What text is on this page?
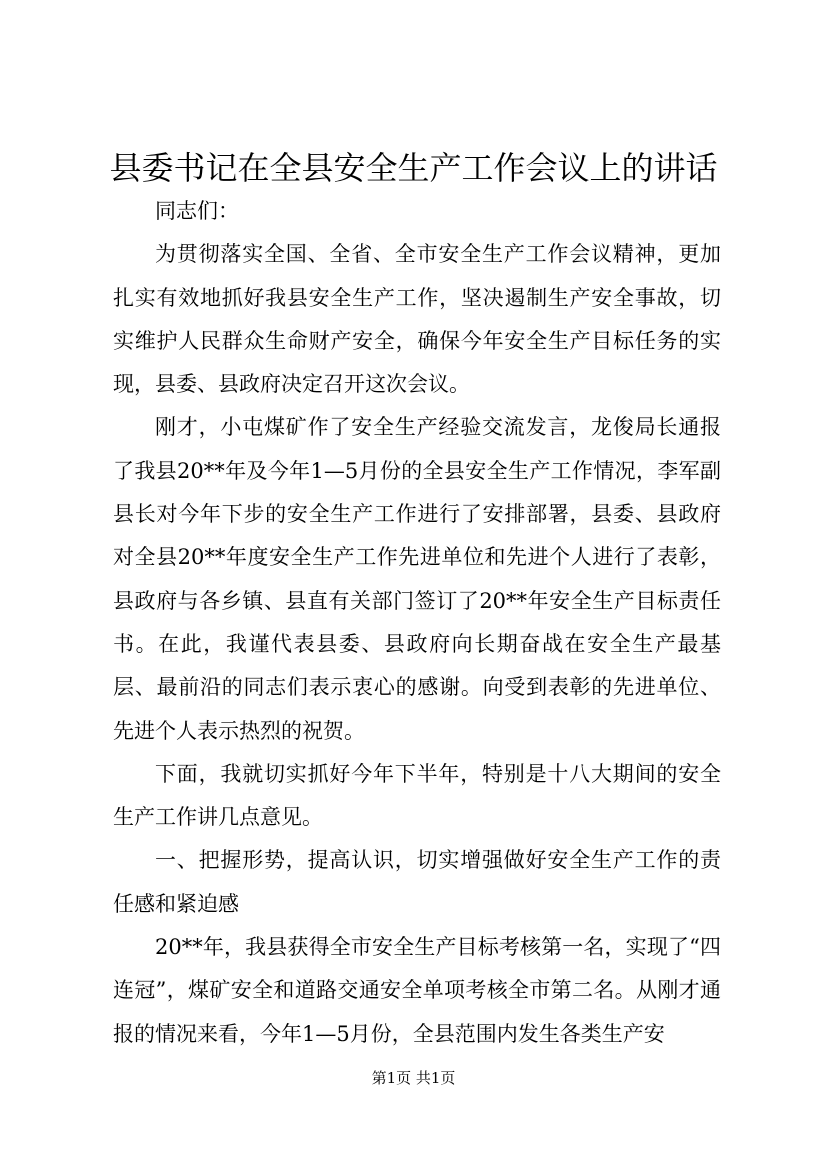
县委书记在全县安全生产工作会议上的讲话

同志们：

为贯彻落实全国、全省、全市安全生产工作会议精神，更加扎实有效地抓好我县安全生产工作，坚决遏制生产安全事故，切实维护人民群众生命财产安全，确保今年安全生产目标任务的实现，县委、县政府决定召开这次会议。

刚才，小屯煤矿作了安全生产经验交流发言，龙俊局长通报了我县20**年及今年1—5月份的全县安全生产工作情况，李军副县长对今年下步的安全生产工作进行了安排部署，县委、县政府对全县20**年度安全生产工作先进单位和先进个人进行了表彰，县政府与各乡镇、县直有关部门签订了20**年安全生产目标责任书。在此，我谨代表县委、县政府向长期奋战在安全生产最基层、最前沿的同志们表示衷心的感谢。向受到表彰的先进单位、先进个人表示热烈的祝贺。

下面，我就切实抓好今年下半年，特别是十八大期间的安全生产工作讲几点意见。

一、把握形势，提高认识，切实增强做好安全生产工作的责任感和紧迫感

20**年，我县获得全市安全生产目标考核第一名，实现了“四连冠”，煤矿安全和道路交通安全单项考核全市第二名。从刚才通报的情况来看，今年1—5月份，全县范围内发生各类生产安

第1页 共1页
